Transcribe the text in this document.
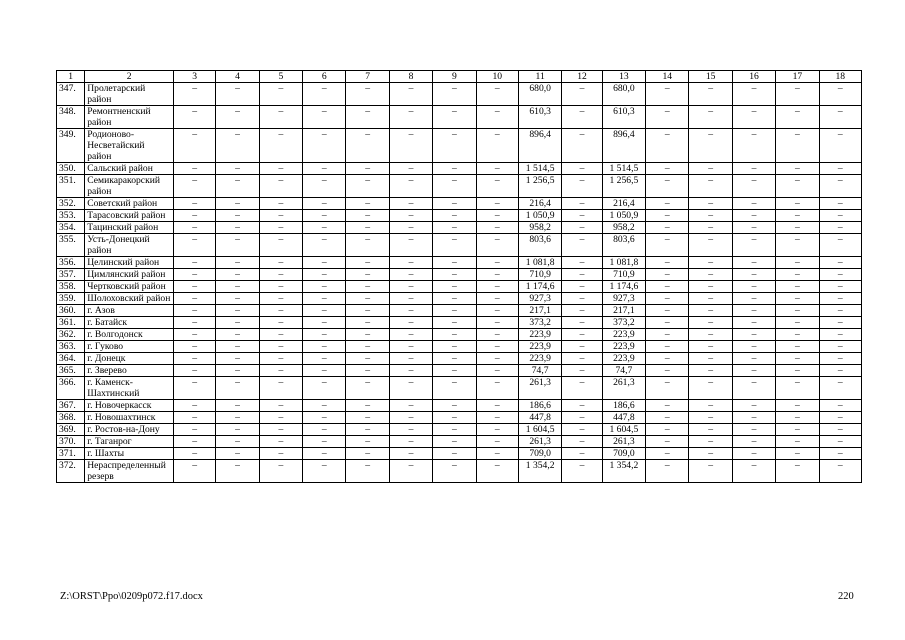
1	2	3	4	5	6	7	8	9	10	11	12	13	14	15	16	17	18
347.	Пролетарский район	–	–	–	–	–	–	–	–	680,0	–	680,0	–	–	–	–	–
348.	Ремонтненский район	–	–	–	–	–	–	–	–	610,3	–	610,3	–	–	–	–	–
349.	Родионово-Несветайский район	–	–	–	–	–	–	–	–	896,4	–	896,4	–	–	–	–	–
350.	Сальский район	–	–	–	–	–	–	–	–	1 514,5	–	1 514,5	–	–	–	–	–
351.	Семикаракорский район	–	–	–	–	–	–	–	–	1 256,5	–	1 256,5	–	–	–	–	–
352.	Советский район	–	–	–	–	–	–	–	–	216,4	–	216,4	–	–	–	–	–
353.	Тарасовский район	–	–	–	–	–	–	–	–	1 050,9	–	1 050,9	–	–	–	–	–
354.	Тацинский район	–	–	–	–	–	–	–	–	958,2	–	958,2	–	–	–	–	–
355.	Усть-Донецкий район	–	–	–	–	–	–	–	–	803,6	–	803,6	–	–	–	–	–
356.	Целинский район	–	–	–	–	–	–	–	–	1 081,8	–	1 081,8	–	–	–	–	–
357.	Цимлянский район	–	–	–	–	–	–	–	–	710,9	–	710,9	–	–	–	–	–
358.	Чертковский район	–	–	–	–	–	–	–	–	1 174,6	–	1 174,6	–	–	–	–	–
359.	Шолоховский район	–	–	–	–	–	–	–	–	927,3	–	927,3	–	–	–	–	–
360.	г. Азов	–	–	–	–	–	–	–	–	217,1	–	217,1	–	–	–	–	–
361.	г. Батайск	–	–	–	–	–	–	–	–	373,2	–	373,2	–	–	–	–	–
362.	г. Волгодонск	–	–	–	–	–	–	–	–	223,9	–	223,9	–	–	–	–	–
363.	г. Гуково	–	–	–	–	–	–	–	–	223,9	–	223,9	–	–	–	–	–
364.	г. Донецк	–	–	–	–	–	–	–	–	223,9	–	223,9	–	–	–	–	–
365.	г. Зверево	–	–	–	–	–	–	–	–	74,7	–	74,7	–	–	–	–	–
366.	г. Каменск-Шахтинский	–	–	–	–	–	–	–	–	261,3	–	261,3	–	–	–	–	–
367.	г. Новочеркасск	–	–	–	–	–	–	–	–	186,6	–	186,6	–	–	–	–	–
368.	г. Новошахтинск	–	–	–	–	–	–	–	–	447,8	–	447,8	–	–	–	–	–
369.	г. Ростов-на-Дону	–	–	–	–	–	–	–	–	1 604,5	–	1 604,5	–	–	–	–	–
370.	г. Таганрог	–	–	–	–	–	–	–	–	261,3	–	261,3	–	–	–	–	–
371.	г. Шахты	–	–	–	–	–	–	–	–	709,0	–	709,0	–	–	–	–	–
372.	Нераспределенный резерв	–	–	–	–	–	–	–	–	1 354,2	–	1 354,2	–	–	–	–	–
Z:\ORST\Ppo\0209p072.f17.docx	220
